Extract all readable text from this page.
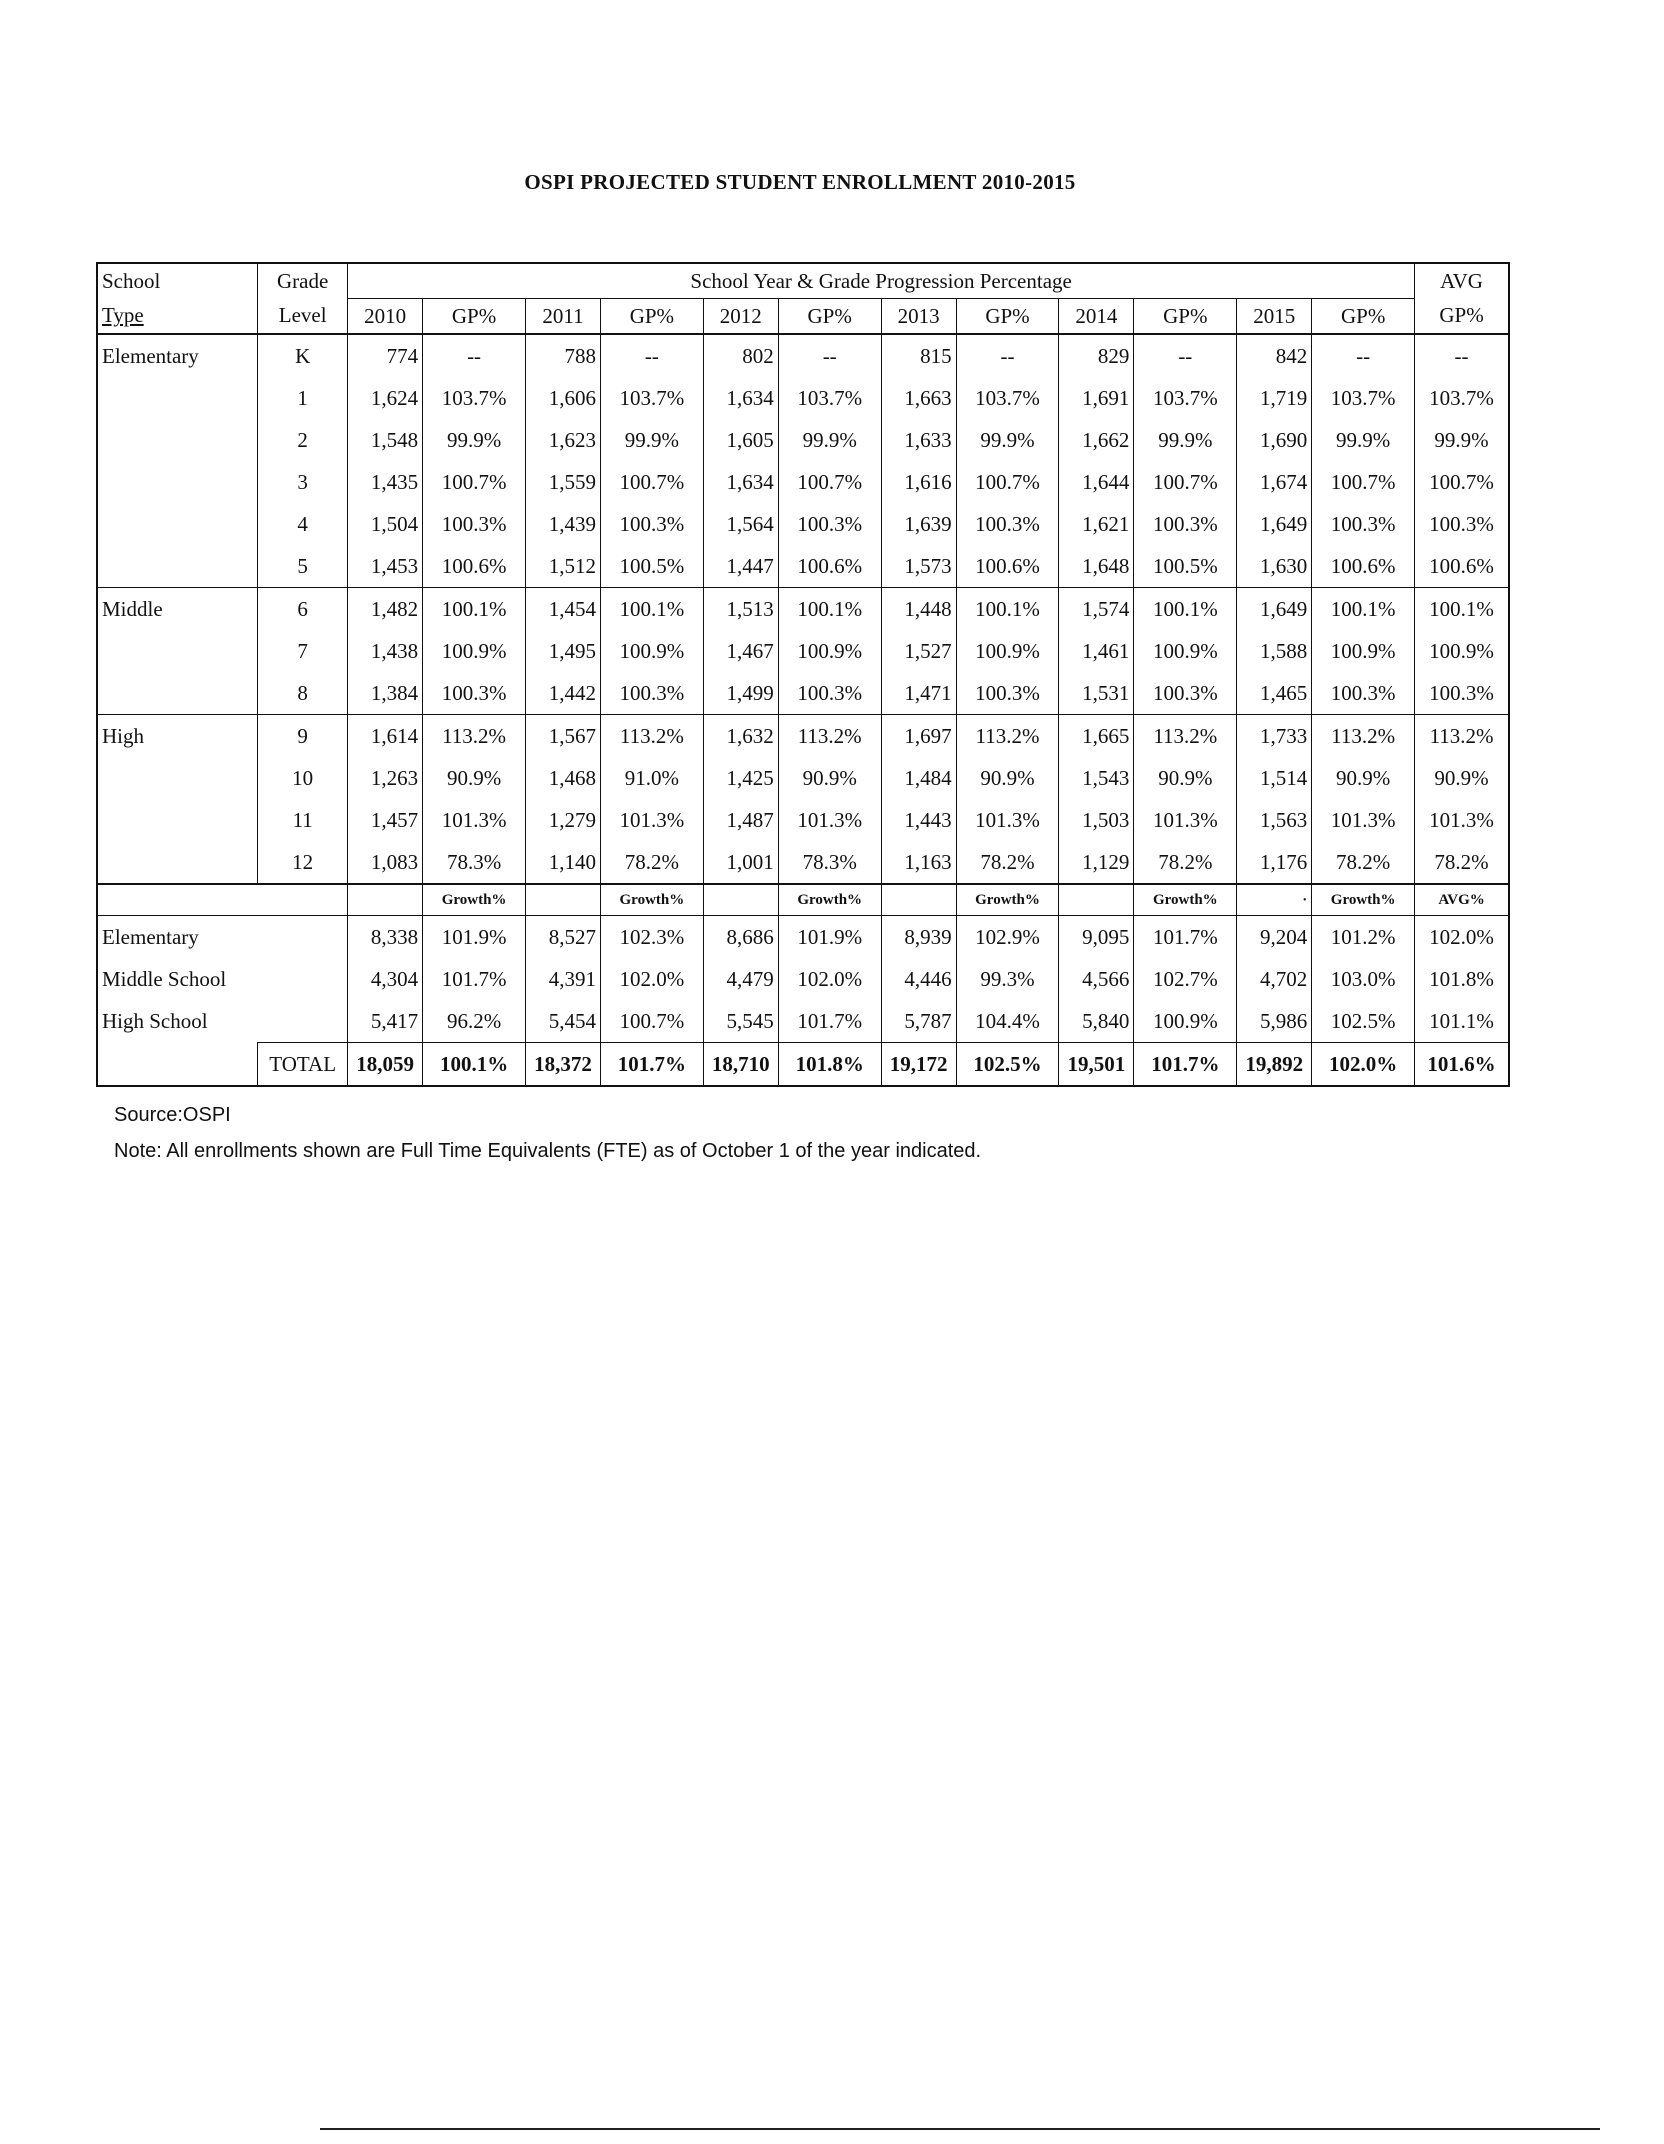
OSPI PROJECTED STUDENT ENROLLMENT 2010-2015
School	Grade	School Year & Grade Progression Percentage												AVG
Type	Level	2010	GP%	2011	GP%	2012	GP%	2013	GP%	2014	GP%	2015	GP%	GP%
Elementary	K	774	--	788	--	802	--	815	--	829	--	842	--	--
	1	1,624	103.7%	1,606	103.7%	1,634	103.7%	1,663	103.7%	1,691	103.7%	1,719	103.7%	103.7%
	2	1,548	99.9%	1,623	99.9%	1,605	99.9%	1,633	99.9%	1,662	99.9%	1,690	99.9%	99.9%
	3	1,435	100.7%	1,559	100.7%	1,634	100.7%	1,616	100.7%	1,644	100.7%	1,674	100.7%	100.7%
	4	1,504	100.3%	1,439	100.3%	1,564	100.3%	1,639	100.3%	1,621	100.3%	1,649	100.3%	100.3%
	5	1,453	100.6%	1,512	100.5%	1,447	100.6%	1,573	100.6%	1,648	100.5%	1,630	100.6%	100.6%
Middle	6	1,482	100.1%	1,454	100.1%	1,513	100.1%	1,448	100.1%	1,574	100.1%	1,649	100.1%	100.1%
	7	1,438	100.9%	1,495	100.9%	1,467	100.9%	1,527	100.9%	1,461	100.9%	1,588	100.9%	100.9%
	8	1,384	100.3%	1,442	100.3%	1,499	100.3%	1,471	100.3%	1,531	100.3%	1,465	100.3%	100.3%
High	9	1,614	113.2%	1,567	113.2%	1,632	113.2%	1,697	113.2%	1,665	113.2%	1,733	113.2%	113.2%
	10	1,263	90.9%	1,468	91.0%	1,425	90.9%	1,484	90.9%	1,543	90.9%	1,514	90.9%	90.9%
	11	1,457	101.3%	1,279	101.3%	1,487	101.3%	1,443	101.3%	1,503	101.3%	1,563	101.3%	101.3%
	12	1,083	78.3%	1,140	78.2%	1,001	78.3%	1,163	78.2%	1,129	78.2%	1,176	78.2%	78.2%
			Growth%		Growth%		Growth%		Growth%		Growth%	·	Growth%	AVG%
Elementary		8,338	101.9%	8,527	102.3%	8,686	101.9%	8,939	102.9%	9,095	101.7%	9,204	101.2%	102.0%
Middle School		4,304	101.7%	4,391	102.0%	4,479	102.0%	4,446	99.3%	4,566	102.7%	4,702	103.0%	101.8%
High School		5,417	96.2%	5,454	100.7%	5,545	101.7%	5,787	104.4%	5,840	100.9%	5,986	102.5%	101.1%
	TOTAL	18,059	100.1%	18,372	101.7%	18,710	101.8%	19,172	102.5%	19,501	101.7%	19,892	102.0%	101.6%
Source:OSPI
Note: All enrollments shown are Full Time Equivalents (FTE) as of October 1 of the year indicated.
